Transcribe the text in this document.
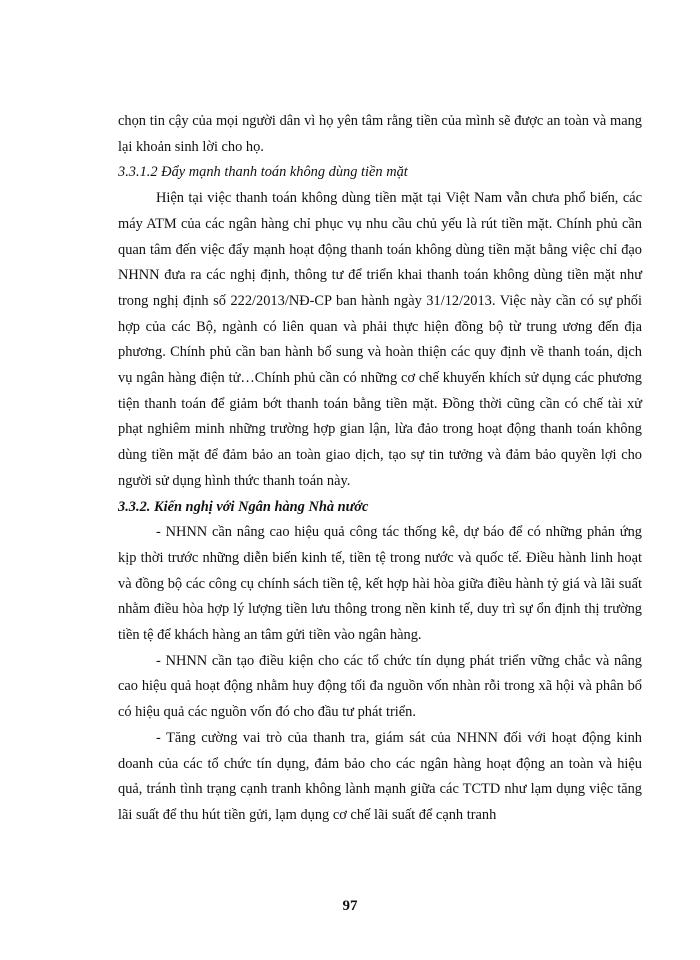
chọn tin cậy của mọi người dân vì họ yên tâm rằng tiền của mình sẽ được an toàn và mang lại khoản sinh lời cho họ.

3.3.1.2 Đẩy mạnh thanh toán không dùng tiền mặt

Hiện tại việc thanh toán không dùng tiền mặt tại Việt Nam vẫn chưa phổ biến, các máy ATM của các ngân hàng chỉ phục vụ nhu cầu chủ yếu là rút tiền mặt. Chính phủ cần quan tâm đến việc đẩy mạnh hoạt động thanh toán không dùng tiền mặt bằng việc chỉ đạo NHNN đưa ra các nghị định, thông tư để triển khai thanh toán không dùng tiền mặt như trong nghị định số 222/2013/NĐ-CP ban hành ngày 31/12/2013. Việc này cần có sự phối hợp của các Bộ, ngành có liên quan và phải thực hiện đồng bộ từ trung ương đến địa phương. Chính phủ cần ban hành bổ sung và hoàn thiện các quy định về thanh toán, dịch vụ ngân hàng điện tử…Chính phủ cần có những cơ chế khuyến khích sử dụng các phương tiện thanh toán để giảm bớt thanh toán bằng tiền mặt. Đồng thời cũng cần có chế tài xử phạt nghiêm minh những trường hợp gian lận, lừa đảo trong hoạt động thanh toán không dùng tiền mặt để đảm bảo an toàn giao dịch, tạo sự tin tưởng và đảm bảo quyền lợi cho người sử dụng hình thức thanh toán này.

3.3.2. Kiến nghị với Ngân hàng Nhà nước

- NHNN cần nâng cao hiệu quả công tác thống kê, dự báo để có những phản ứng kịp thời trước những diễn biến kinh tế, tiền tệ trong nước và quốc tế. Điều hành linh hoạt và đồng bộ các công cụ chính sách tiền tệ, kết hợp hài hòa giữa điều hành tỷ giá và lãi suất nhằm điều hòa hợp lý lượng tiền lưu thông trong nền kinh tế, duy trì sự ổn định thị trường tiền tệ để khách hàng an tâm gửi tiền vào ngân hàng.

- NHNN cần tạo điều kiện cho các tổ chức tín dụng phát triển vững chắc và nâng cao hiệu quả hoạt động nhằm huy động tối đa nguồn vốn nhàn rỗi trong xã hội và phân bổ có hiệu quả các nguồn vốn đó cho đầu tư phát triển.

- Tăng cường vai trò của thanh tra, giám sát của NHNN đối với hoạt động kinh doanh của các tổ chức tín dụng, đảm bảo cho các ngân hàng hoạt động an toàn và hiệu quả, tránh tình trạng cạnh tranh không lành mạnh giữa các TCTD như lạm dụng việc tăng lãi suất để thu hút tiền gửi, lạm dụng cơ chế lãi suất để cạnh tranh

97
